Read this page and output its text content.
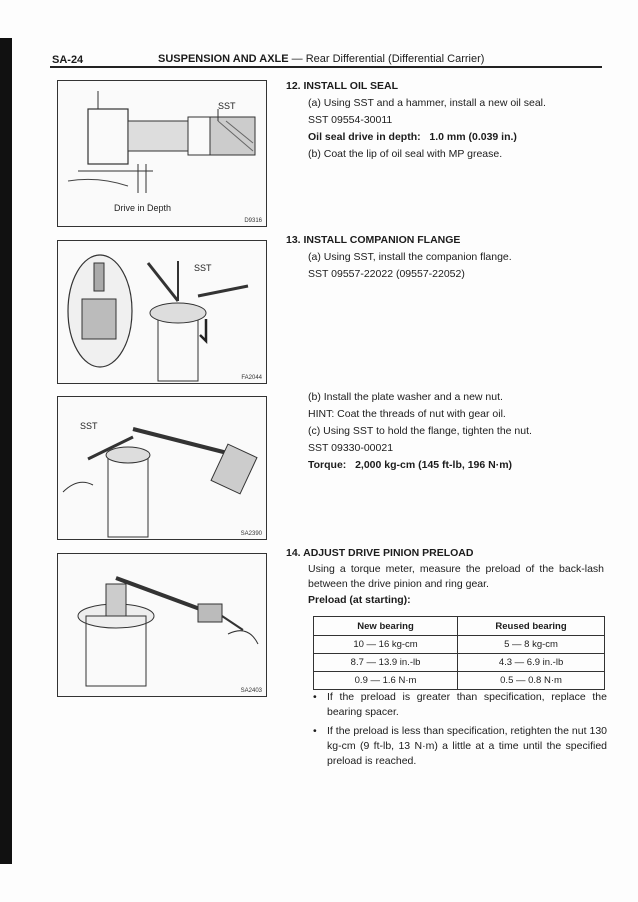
SA-24	SUSPENSION AND AXLE — Rear Differential (Differential Carrier)
SST
Drive in Depth
D9316
SST
FA2044
SST
SA2390
SA2403
12. INSTALL OIL SEAL
(a) Using SST and a hammer, install a new oil seal.
SST 09554-30011
Oil seal drive in depth: 1.0 mm (0.039 in.)
(b) Coat the lip of oil seal with MP grease.
13. INSTALL COMPANION FLANGE
(a) Using SST, install the companion flange.
SST 09557-22022 (09557-22052)
(b) Install the plate washer and a new nut.
HINT: Coat the threads of nut with gear oil.
(c) Using SST to hold the flange, tighten the nut.
SST 09330-00021
Torque: 2,000 kg-cm (145 ft-lb, 196 N·m)
14. ADJUST DRIVE PINION PRELOAD
Using a torque meter, measure the preload of the back-lash between the drive pinion and ring gear.
Preload (at starting):
New bearing	Reused bearing
10 — 16 kg-cm	5 — 8 kg-cm
8.7 — 13.9 in.-lb	4.3 — 6.9 in.-lb
0.9 — 1.6 N·m	0.5 — 0.8 N·m
• If the preload is greater than specification, replace the bearing spacer.
• If the preload is less than specification, retighten the nut 130 kg-cm (9 ft-lb, 13 N·m) a little at a time until the specified preload is reached.
